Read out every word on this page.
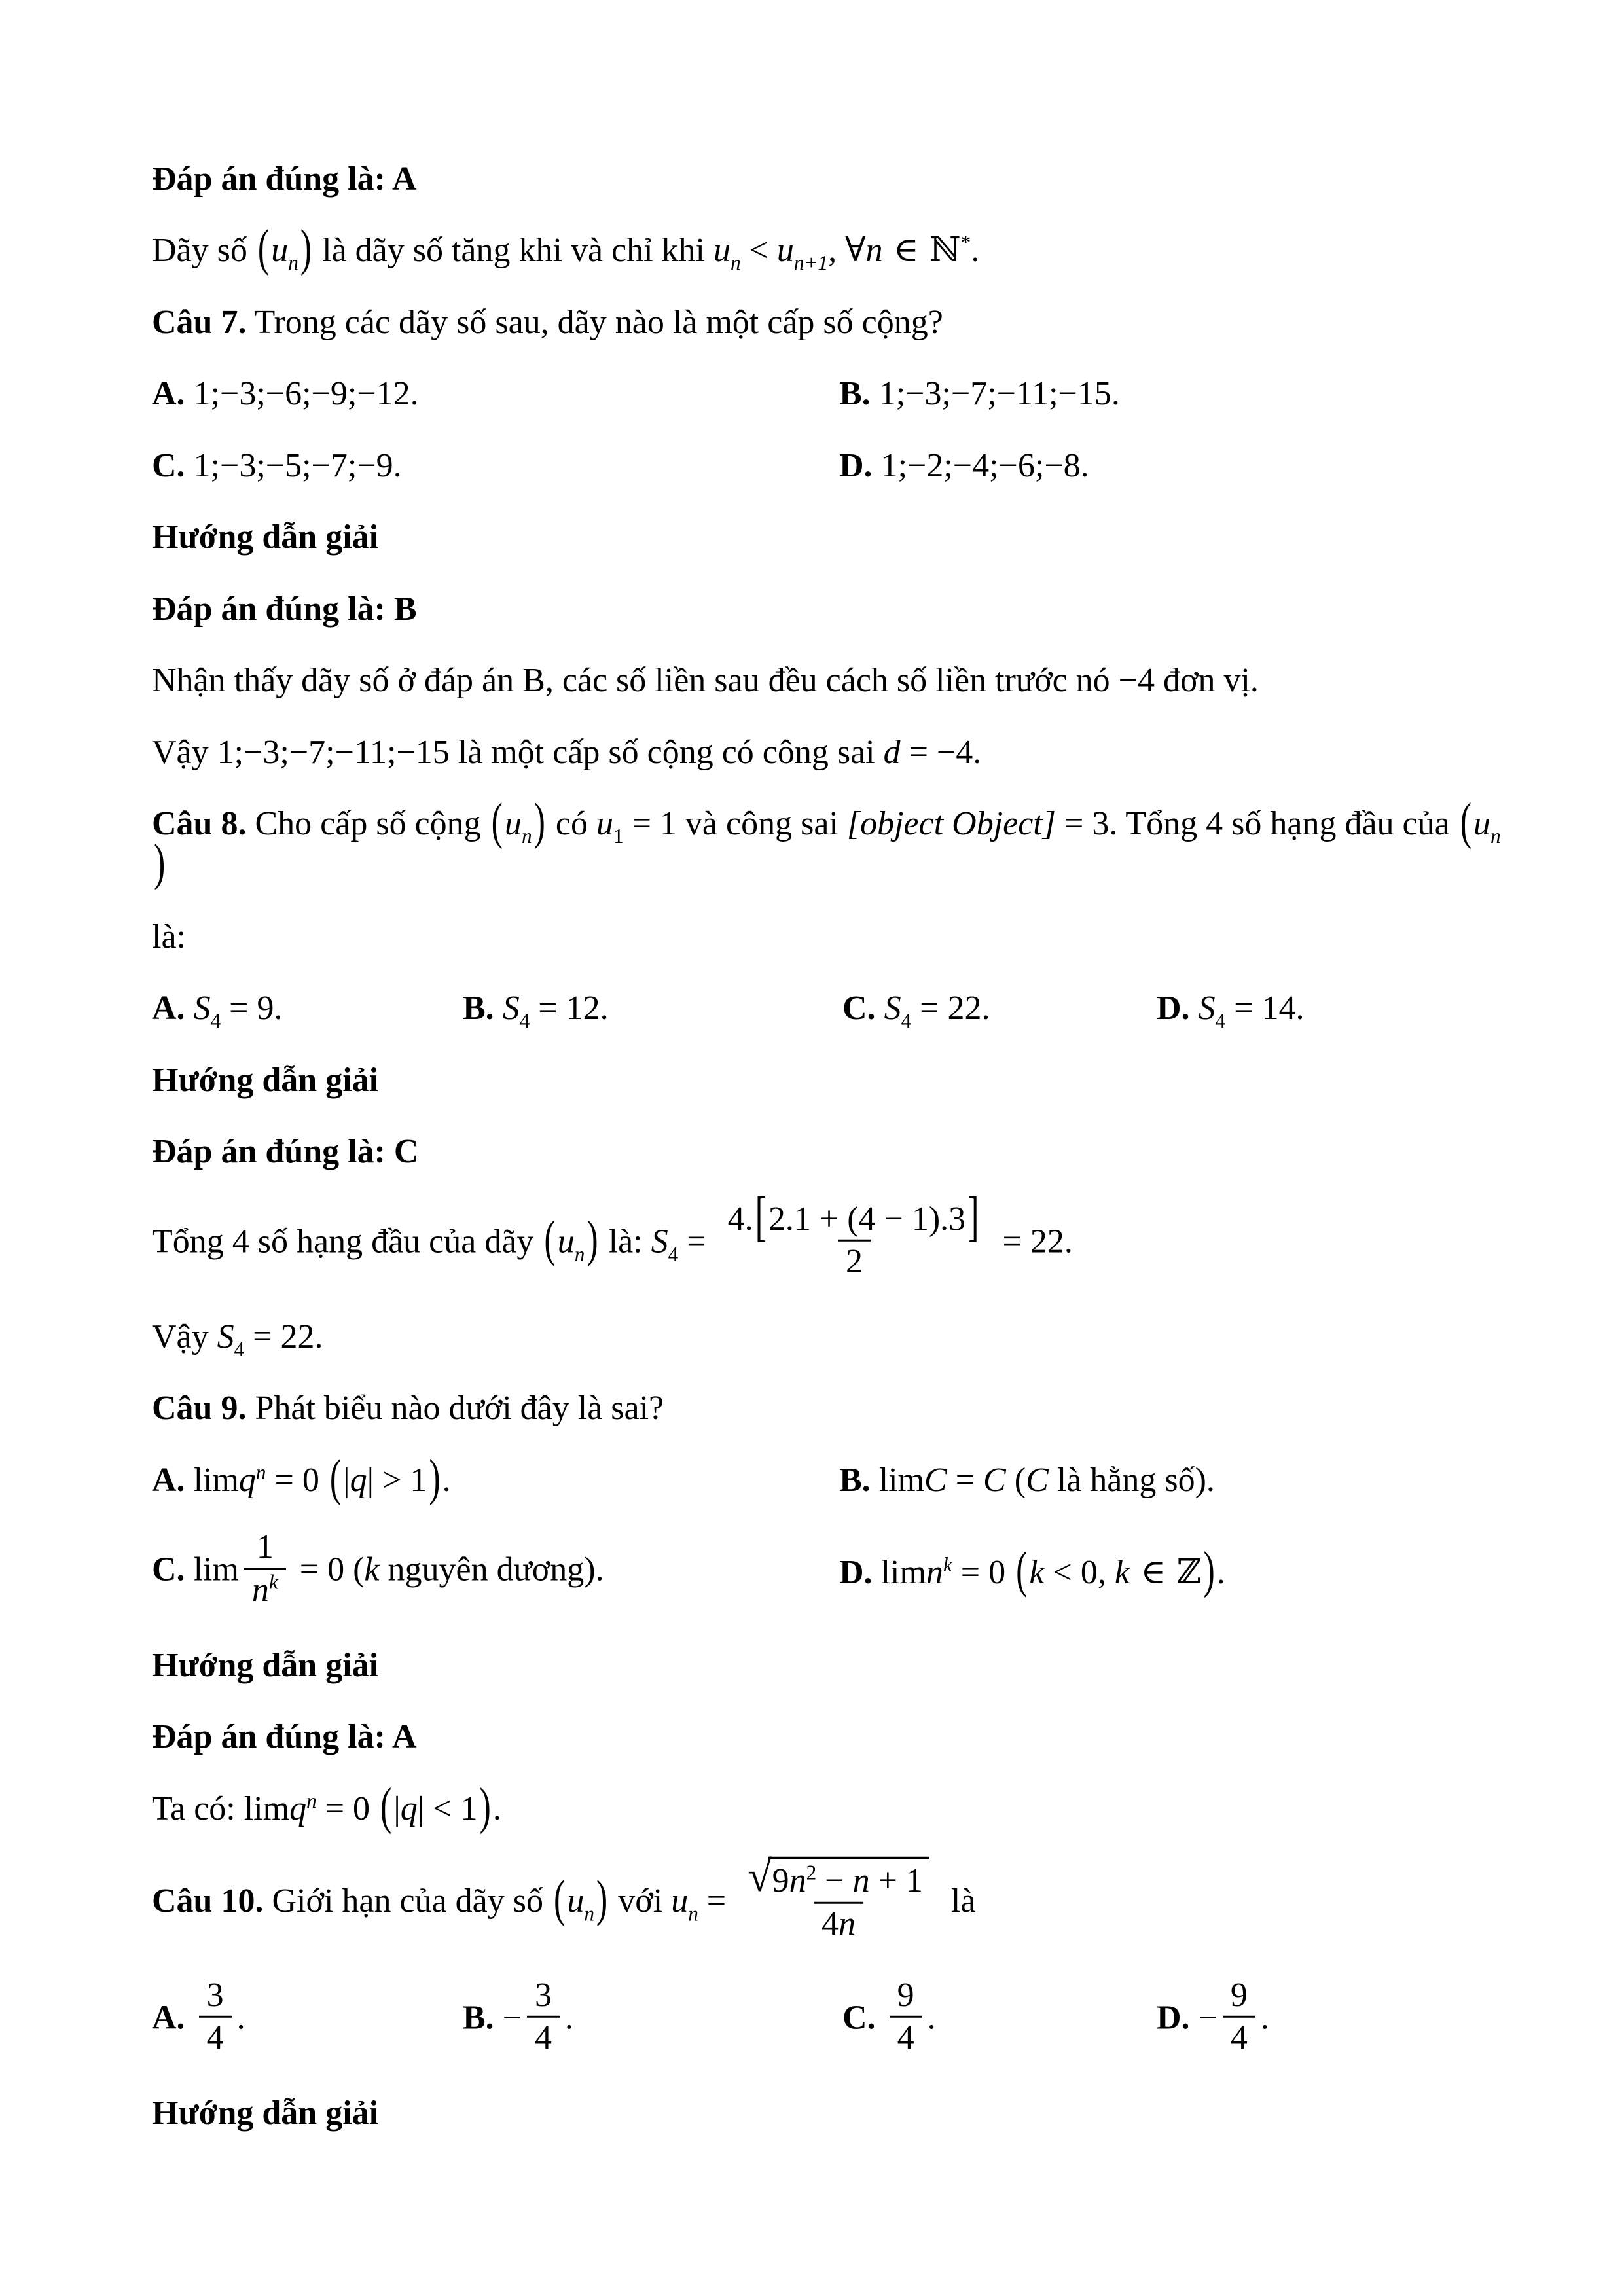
Đáp án đúng là: A

Dãy số $(u_n)$ là dãy số tăng khi và chỉ khi $u_n < u_{n+1}$, ∀n ∈ ℕ*.

Câu 7. Trong các dãy số sau, dãy nào là một cấp số cộng?

A. 1;−3;−6;−9;−12.	B. 1;−3;−7;−11;−15.
C. 1;−3;−5;−7;−9.	D. 1;−2;−4;−6;−8.

Hướng dẫn giải

Đáp án đúng là: B

Nhận thấy dãy số ở đáp án B, các số liền sau đều cách số liền trước nó −4 đơn vị.

Vậy 1;−3;−7;−11;−15 là một cấp số cộng có công sai d = −4.

Câu 8. Cho cấp số cộng $(u_n)$ có $u_1 = 1$ và công sai [object Object] = 3. Tổng 4 số hạng đầu của $(u_n)$

là:

A. $S_4 = 9$.	B. $S_4 = 12$.	C. $S_4 = 22$.	D. $S_4 = 14$.

Hướng dẫn giải

Đáp án đúng là: C

Tổng 4 số hạng đầu của dãy $(u_n)$ là: $S_4 = \frac{4.[2.1 + (4 - 1).3]}{2} = 22$.

Vậy $S_4 = 22$.

Câu 9. Phát biểu nào dưới đây là sai?

A. limq$^n$ = 0 (|q| > 1).	B. limC = C (C là hằng số).
C. $\lim \frac{1}{n^k} = 0$ (k nguyên dương).	D. limn$^k$ = 0 (k < 0, k ∈ ℤ).

Hướng dẫn giải

Đáp án đúng là: A

Ta có: limq$^n$ = 0 (|q| < 1).

Câu 10. Giới hạn của dãy số $(u_n)$ với $u_n = \frac{√ 9n^2 - n + 1}{4n}$ là

A. $\frac{3}{4}$ .	B. − $\frac{3}{4}$ .	C. $\frac{9}{4}$ .	D. − $\frac{9}{4}$ .

Hướng dẫn giải
